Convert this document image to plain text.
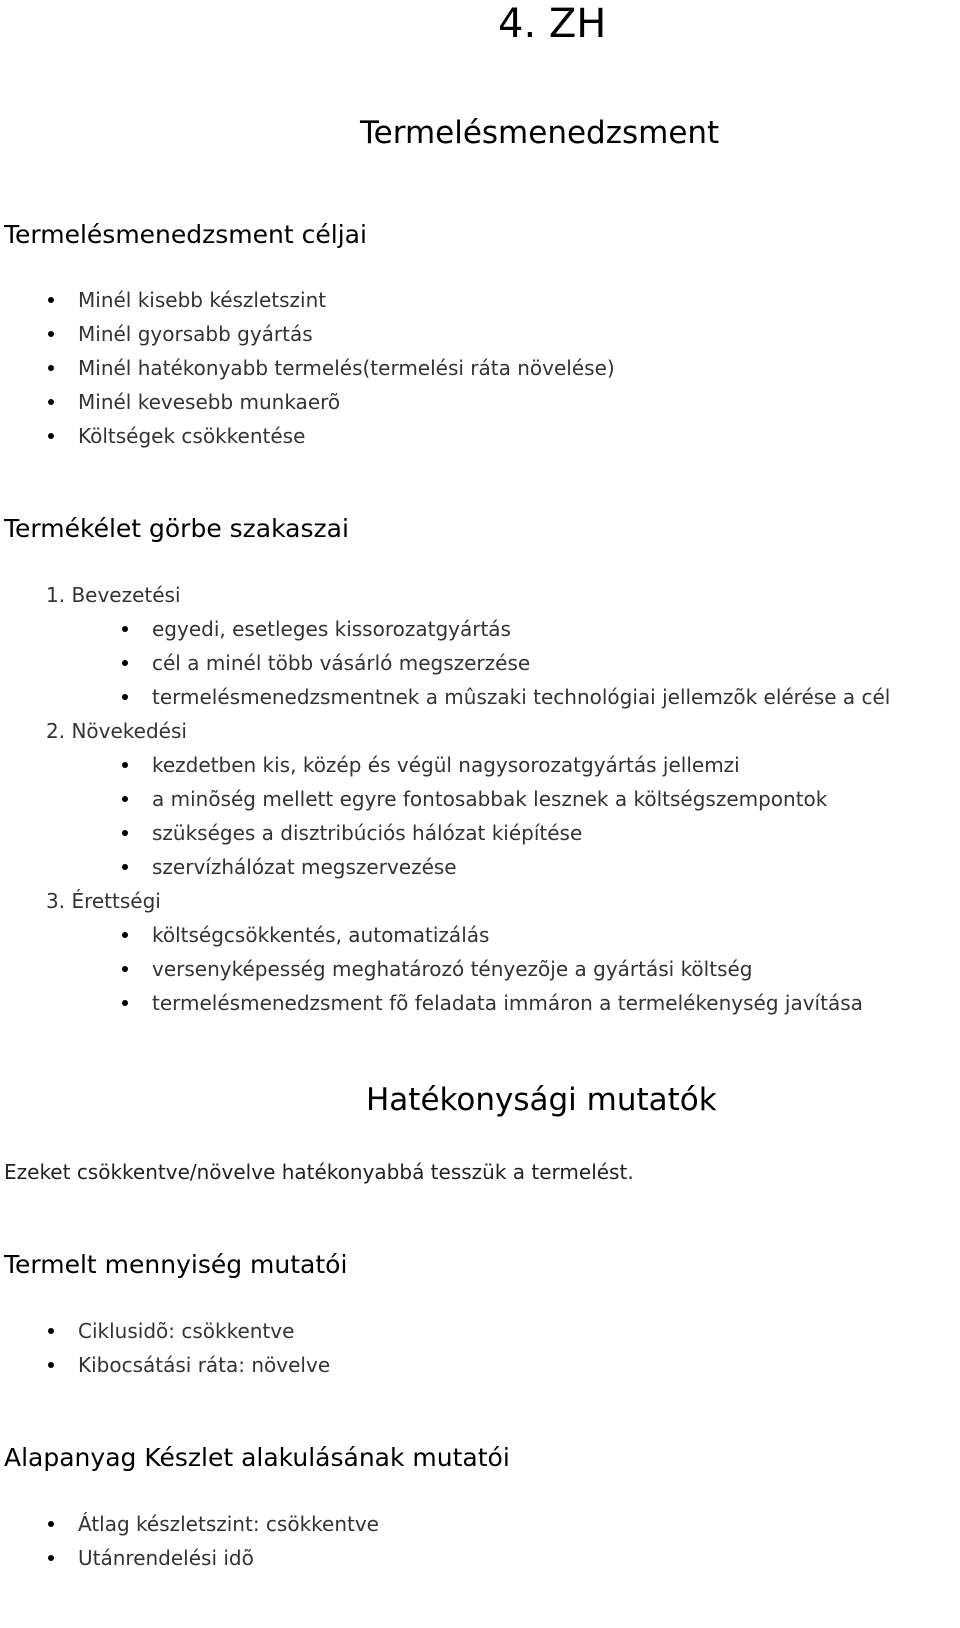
4. ZH
Termelésmenedzsment
Termelésmenedzsment céljai
Minél kisebb készletszint
Minél gyorsabb gyártás
Minél hatékonyabb termelés(termelési ráta növelése)
Minél kevesebb munkaerõ
Költségek csökkentése
Termékélet görbe szakaszai
1. Bevezetési
egyedi, esetleges kissorozatgyártás
cél a minél több vásárló megszerzése
termelésmenedzsmentnek a mûszaki technológiai jellemzõk elérése a cél
2. Növekedési
kezdetben kis, közép és végül nagysorozatgyártás jellemzi
a minõség mellett egyre fontosabbak lesznek a költségszempontok
szükséges a disztribúciós hálózat kiépítése
szervízhálózat megszervezése
3. Érettségi
költségcsökkentés, automatizálás
versenyképesség meghatározó tényezõje a gyártási költség
termelésmenedzsment fõ feladata immáron a termelékenység javítása
Hatékonysági mutatók
Ezeket csökkentve/növelve hatékonyabbá tesszük a termelést.
Termelt mennyiség mutatói
Ciklusidõ: csökkentve
Kibocsátási ráta: növelve
Alapanyag Készlet alakulásának mutatói
Átlag készletszint: csökkentve
Utánrendelési idõ
